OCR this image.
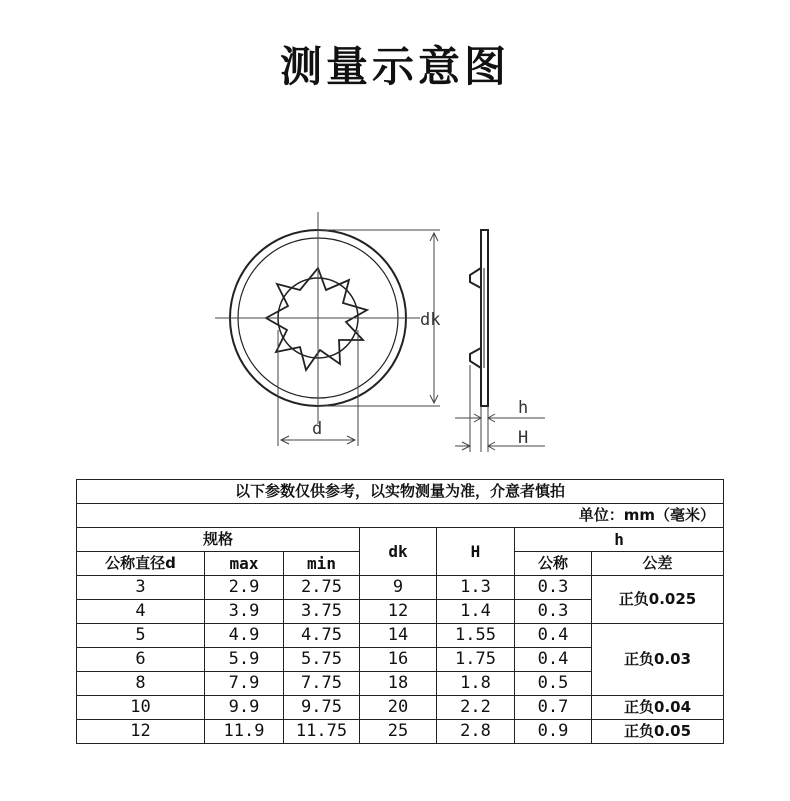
测量示意图
dk
d
h
H
以下参数仅供参考，以实物测量为准，介意者慎拍						
单位：mm（毫米）						
规格			dk	H	h	
公称直径d	max	min			公称	公差
3	2.9	2.75	9	1.3	0.3	正负0.025
4	3.9	3.75	12	1.4	0.3	
5	4.9	4.75	14	1.55	0.4	正负0.03
6	5.9	5.75	16	1.75	0.4	
8	7.9	7.75	18	1.8	0.5	
10	9.9	9.75	20	2.2	0.7	正负0.04
12	11.9	11.75	25	2.8	0.9	正负0.05
